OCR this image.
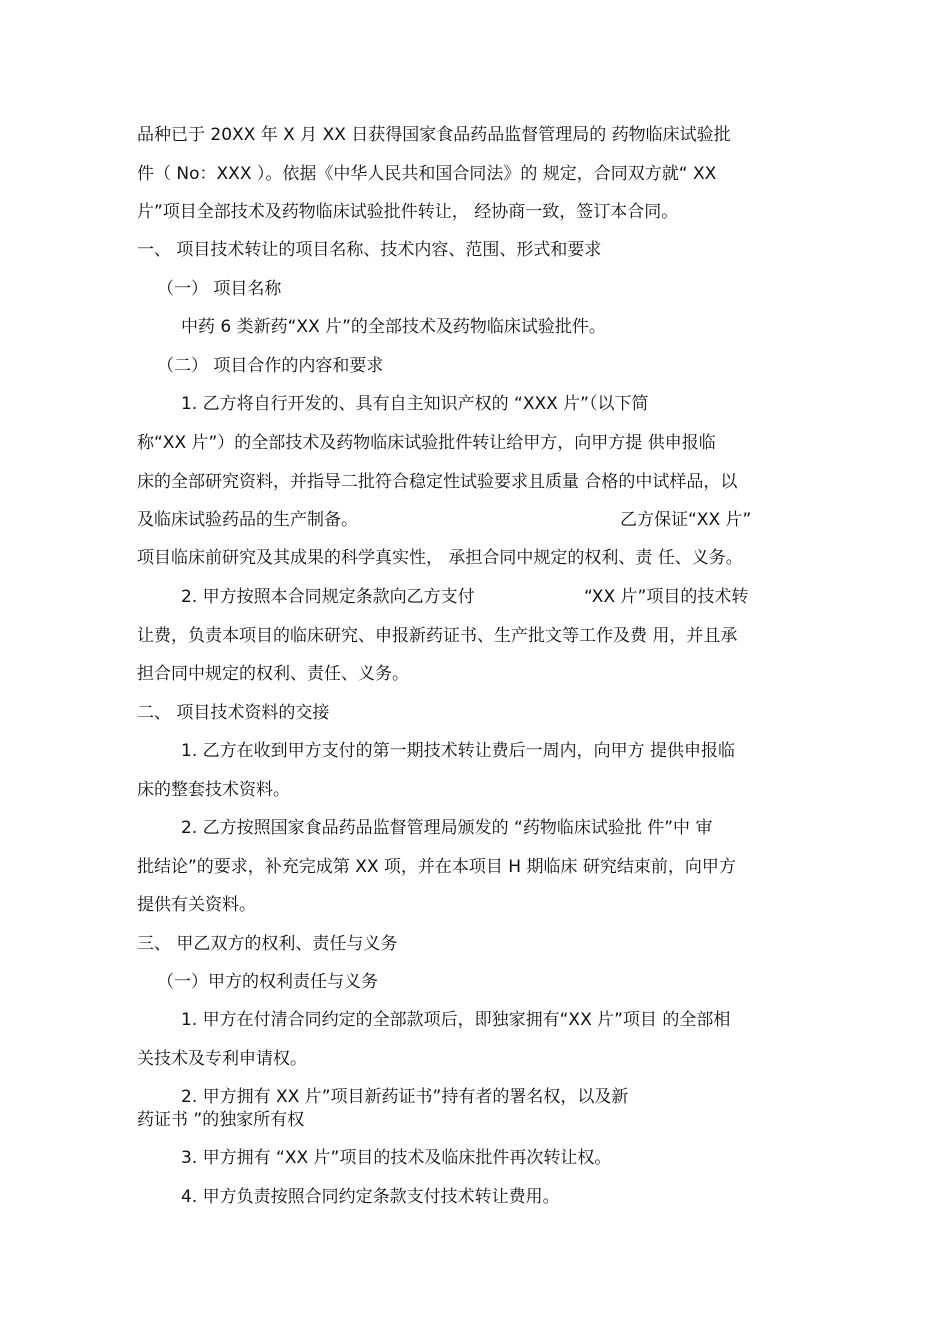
品种已于 20XX 年 X 月 XX 日获得国家食品药品监督管理局的 药物临床试验批
件（ No：XXX ）。依据《中华人民共和国合同法》的 规定，合同双方就“ XX
片”项目全部技术及药物临床试验批件转让， 经协商一致，签订本合同。
一、 项目技术转让的项目名称、技术内容、范围、形式和要求
（一） 项目名称
中药 6 类新药“XX 片”的全部技术及药物临床试验批件。
（二） 项目合作的内容和要求
1. 乙方将自行开发的、具有自主知识产权的 “XXX 片”（以下简
称“XX 片”）的全部技术及药物临床试验批件转让给甲方，向甲方提 供申报临
床的全部研究资料，并指导二批符合稳定性试验要求且质量 合格的中试样品，以
及临床试验药品的生产制备。	乙方保证“XX 片”
项目临床前研究及其成果的科学真实性， 承担合同中规定的权利、责 任、义务。
2. 甲方按照本合同规定条款向乙方支付	“XX 片”项目的技术转
让费，负责本项目的临床研究、申报新药证书、生产批文等工作及费 用，并且承
担合同中规定的权利、责任、义务。
二、 项目技术资料的交接
1. 乙方在收到甲方支付的第一期技术转让费后一周内，向甲方 提供申报临
床的整套技术资料。
2. 乙方按照国家食品药品监督管理局颁发的 “药物临床试验批 件”中 审
批结论”的要求，补充完成第 XX 项，并在本项目 H 期临床 研究结束前，向甲方
提供有关资料。
三、 甲乙双方的权利、责任与义务
（一）甲方的权利责任与义务
1. 甲方在付清合同约定的全部款项后，即独家拥有“XX 片”项目 的全部相
关技术及专利申请权。
2. 甲方拥有 XX 片”项目新药证书”持有者的署名权，以及新
药证书 ”的独家所有权
3. 甲方拥有 “XX 片”项目的技术及临床批件再次转让权。
4. 甲方负责按照合同约定条款支付技术转让费用。
